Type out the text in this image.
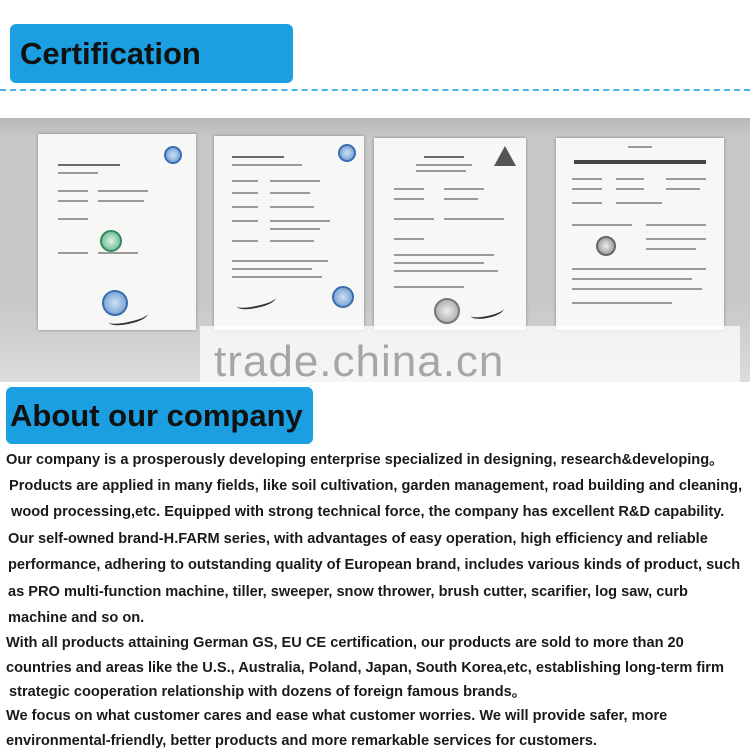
Certification
trade.china.cn
About our company
Our company is a prosperously developing enterprise specialized in designing, research&developing。
Products are applied in many fields, like soil cultivation, garden management, road building and cleaning,
wood processing,etc. Equipped with strong technical force, the company has excellent R&D capability.
Our self-owned brand-H.FARM series, with advantages of easy operation, high efficiency and reliable
performance, adhering to outstanding quality of European brand, includes various kinds of product, such
as PRO multi-function machine, tiller, sweeper, snow thrower, brush cutter, scarifier, log saw, curb
machine and so on.
With all products attaining German GS, EU CE certification, our products are sold to more than 20
countries and areas like the U.S., Australia, Poland, Japan, South Korea,etc, establishing long-term firm
strategic cooperation relationship with dozens of foreign famous brands。
We focus on what customer cares and ease what customer worries. We will provide safer, more
environmental-friendly, better products and more remarkable services for customers.
